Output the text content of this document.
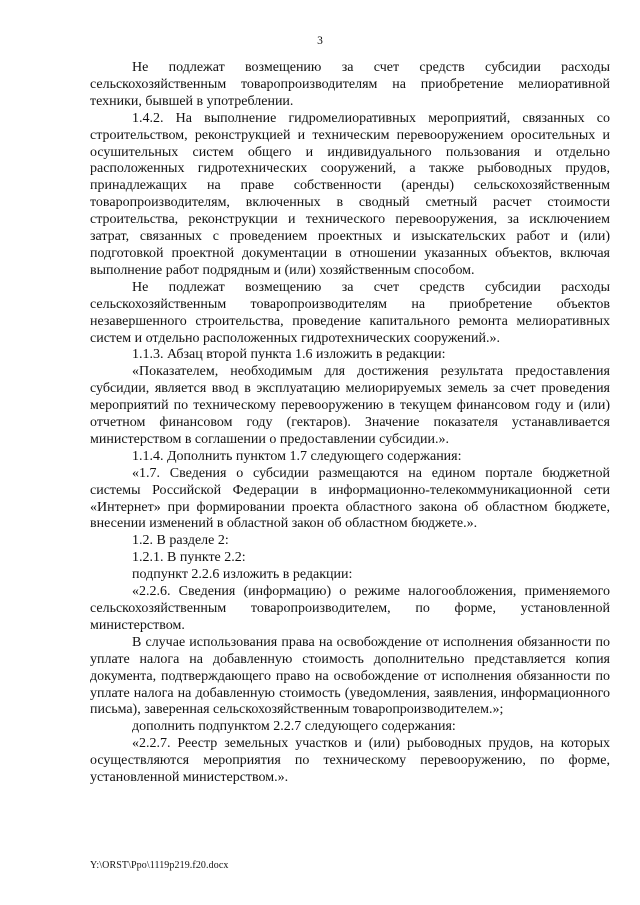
3

Не подлежат возмещению за счет средств субсидии расходы сельскохозяйственным товаропроизводителям на приобретение мелиоративной техники, бывшей в употреблении.

1.4.2. На выполнение гидромелиоративных мероприятий, связанных со строительством, реконструкцией и техническим перевооружением оросительных и осушительных систем общего и индивидуального пользования и отдельно расположенных гидротехнических сооружений, а также рыбоводных прудов, принадлежащих на праве собственности (аренды) сельскохозяйственным товаропроизводителям, включенных в сводный сметный расчет стоимости строительства, реконструкции и технического перевооружения, за исключением затрат, связанных с проведением проектных и изыскательских работ и (или) подготовкой проектной документации в отношении указанных объектов, включая выполнение работ подрядным и (или) хозяйственным способом.

Не подлежат возмещению за счет средств субсидии расходы сельскохозяйственным товаропроизводителям на приобретение объектов незавершенного строительства, проведение капитального ремонта мелиоративных систем и отдельно расположенных гидротехнических сооружений.».

1.1.3. Абзац второй пункта 1.6 изложить в редакции:

«Показателем, необходимым для достижения результата предоставления субсидии, является ввод в эксплуатацию мелиорируемых земель за счет проведения мероприятий по техническому перевооружению в текущем финансовом году и (или) отчетном финансовом году (гектаров). Значение показателя устанавливается министерством в соглашении о предоставлении субсидии.».

1.1.4. Дополнить пунктом 1.7 следующего содержания:

«1.7. Сведения о субсидии размещаются на едином портале бюджетной системы Российской Федерации в информационно-телекоммуникационной сети «Интернет» при формировании проекта областного закона об областном бюджете, внесении изменений в областной закон об областном бюджете.».

1.2. В разделе 2:

1.2.1. В пункте 2.2:

подпункт 2.2.6 изложить в редакции:

«2.2.6. Сведения (информацию) о режиме налогообложения, применяемого сельскохозяйственным товаропроизводителем, по форме, установленной министерством.

В случае использования права на освобождение от исполнения обязанности по уплате налога на добавленную стоимость дополнительно представляется копия документа, подтверждающего право на освобождение от исполнения обязанности по уплате налога на добавленную стоимость (уведомления, заявления, информационного письма), заверенная сельскохозяйственным товаропроизводителем.»;

дополнить подпунктом 2.2.7 следующего содержания:

«2.2.7. Реестр земельных участков и (или) рыбоводных прудов, на которых осуществляются мероприятия по техническому перевооружению, по форме, установленной министерством.».

Y:\ORST\Ppo\1119p219.f20.docx
